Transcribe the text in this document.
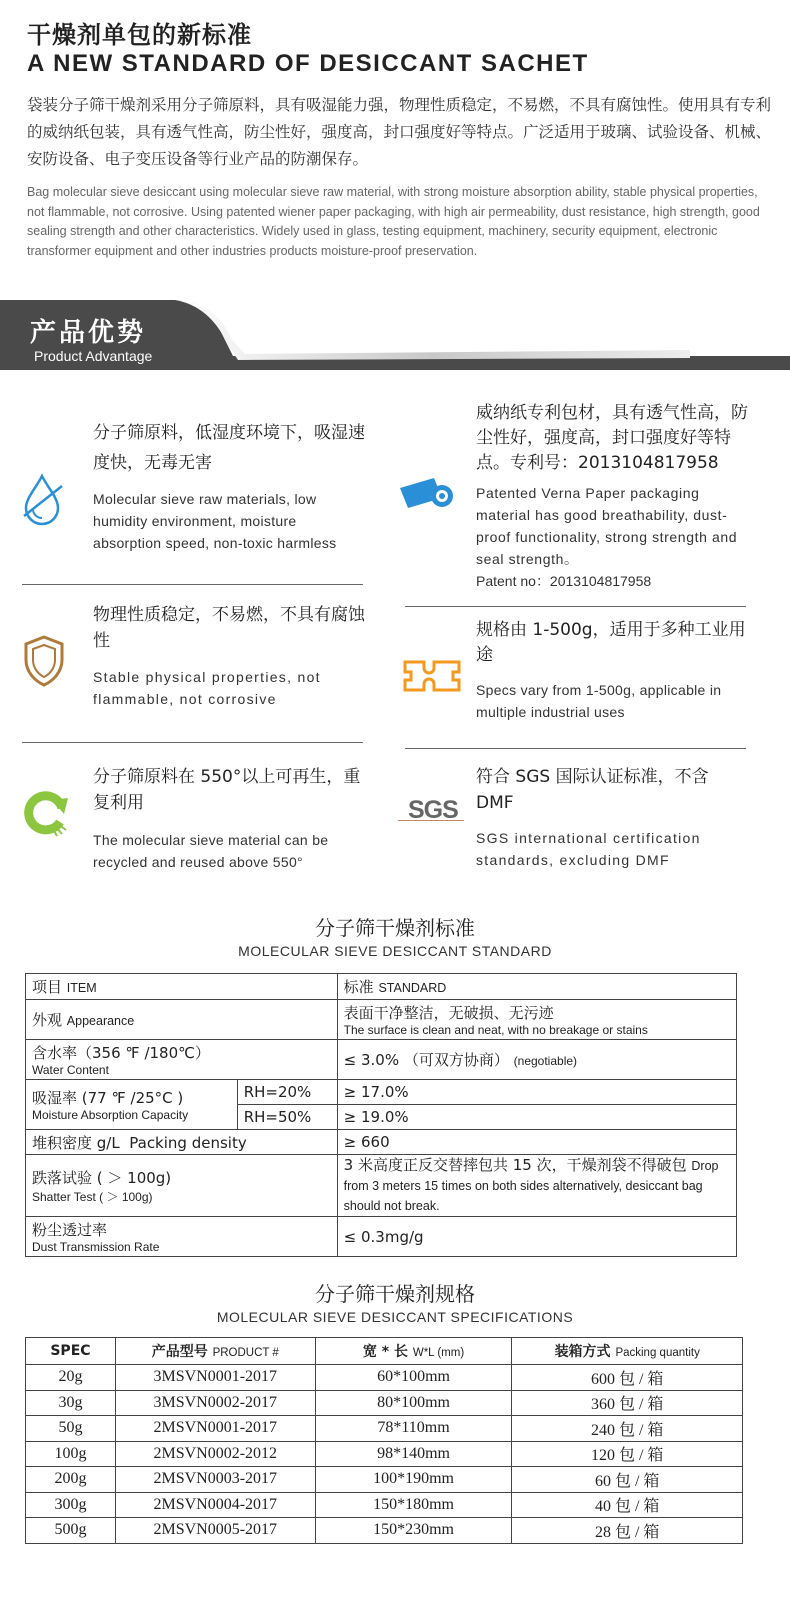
干燥剂单包的新标准
A NEW STANDARD OF DESICCANT SACHET
袋装分子筛干燥剂采用分子筛原料，具有吸湿能力强，物理性质稳定，不易燃，不具有腐蚀性。使用具有专利的威纳纸包装，具有透气性高，防尘性好，强度高，封口强度好等特点。广泛适用于玻璃、试验设备、机械、安防设备、电子变压设备等行业产品的防潮保存。
Bag molecular sieve desiccant using molecular sieve raw material, with strong moisture absorption ability, stable physical properties, not flammable, not corrosive. Using patented wiener paper packaging, with high air permeability, dust resistance, high strength, good sealing strength and other characteristics. Widely used in glass, testing equipment, machinery, security equipment, electronic transformer equipment and other industries products moisture-proof preservation.
产品优势
Product Advantage
分子筛原料，低湿度环境下，吸湿速度快，无毒无害
Molecular sieve raw materials, low humidity environment, moisture absorption speed, non-toxic harmless
威纳纸专利包材，具有透气性高，防尘性好，强度高，封口强度好等特点。专利号：2013104817958
Patented Verna Paper packaging material has good breathability, dust-proof functionality, strong strength and seal strength。
Patent no：2013104817958
物理性质稳定，不易燃，不具有腐蚀性
Stable physical properties, not flammable, not corrosive
规格由 1-500g，适用于多种工业用途
Specs vary from 1-500g, applicable in multiple industrial uses
分子筛原料在 550°以上可再生，重复利用
The molecular sieve material can be recycled and reused above 550°
SGS
符合 SGS 国际认证标准，不含 DMF
SGS international certification standards, excluding DMF
分子筛干燥剂标准
MOLECULAR SIEVE DESICCANT STANDARD
项目 ITEM		标准 STANDARD
外观 Appearance		表面干净整洁，无破损、无污迹
The surface is clean and neat, with no breakage or stains

含水率（356 ℉ /180℃）
Water Content		≤ 3.0% （可双方协商） (negotiable)

吸湿率 (77 ℉ /25°C )
Moisture Absorption Capacity	RH=20%	≥ 17.0%
	RH=50%	≥ 19.0%
堆积密度 g/L Packing density		≥ 660

跌落试验 ( ＞ 100g)
Shatter Test ( ＞ 100g)		3 米高度正反交替摔包共 15 次，干燥剂袋不得破包 Drop from 3 meters 15 times on both sides alternatively, desiccant bag should not break.

粉尘透过率
Dust Transmission Rate		≤ 0.3mg/g
分子筛干燥剂规格
MOLECULAR SIEVE DESICCANT SPECIFICATIONS
SPEC	产品型号 PRODUCT #	宽 * 长 W*L (mm)	装箱方式 Packing quantity
20g	3MSVN0001-2017	60*100mm	600 包 / 箱
30g	3MSVN0002-2017	80*100mm	360 包 / 箱
50g	2MSVN0001-2017	78*110mm	240 包 / 箱
100g	2MSVN0002-2012	98*140mm	120 包 / 箱
200g	2MSVN0003-2017	100*190mm	60 包 / 箱
300g	2MSVN0004-2017	150*180mm	40 包 / 箱
500g	2MSVN0005-2017	150*230mm	28 包 / 箱
